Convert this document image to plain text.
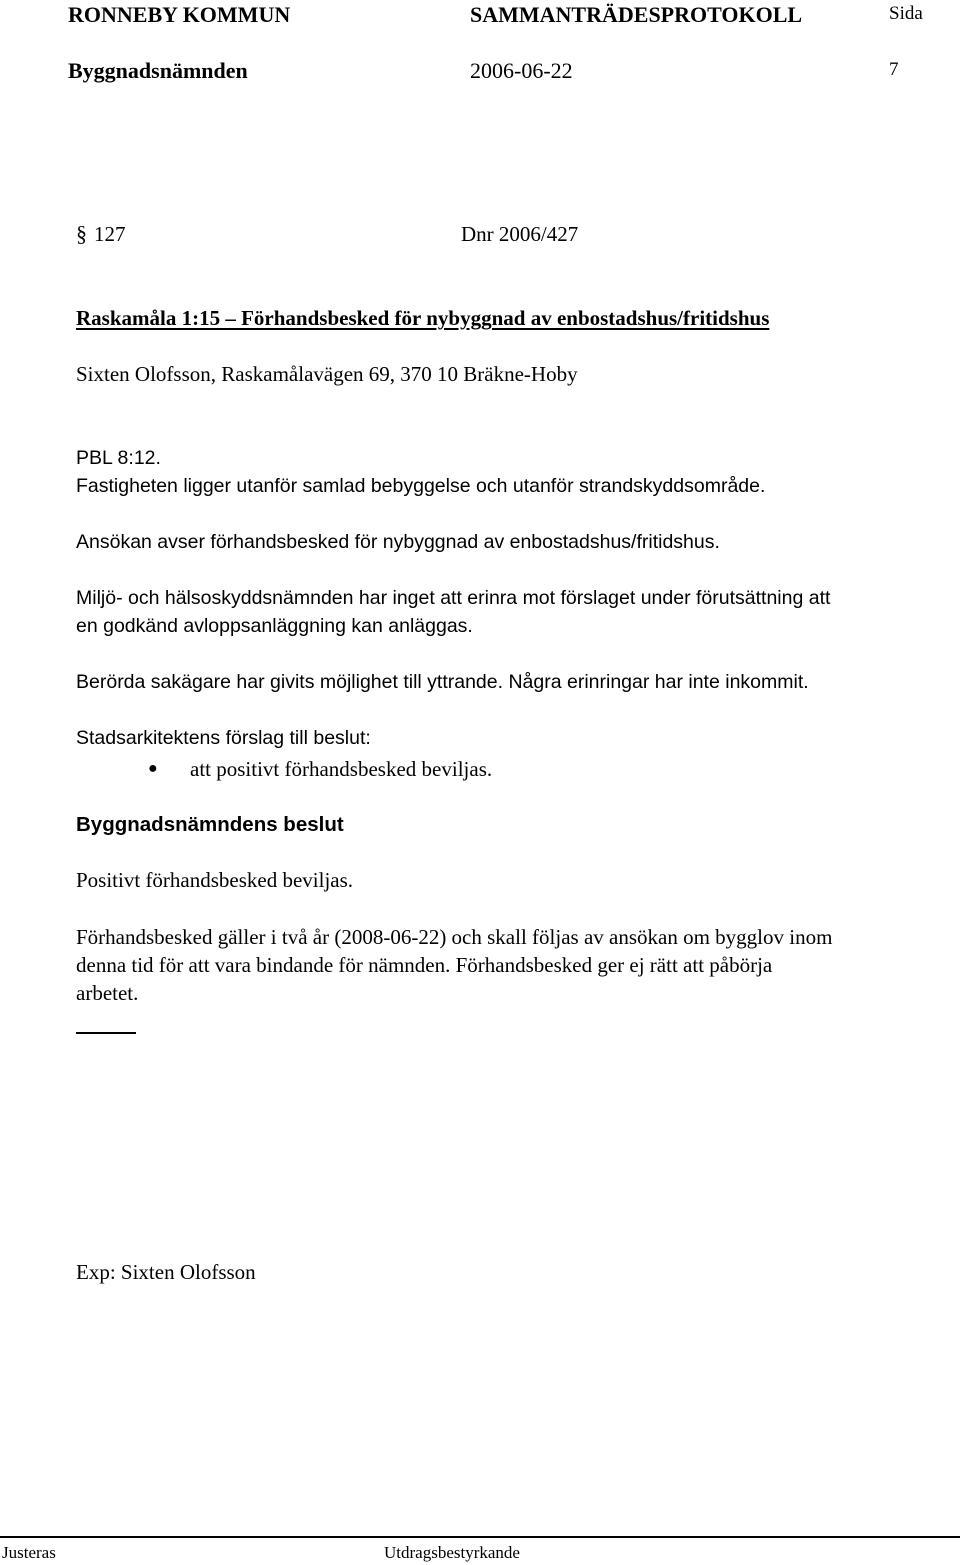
RONNEBY KOMMUN	SAMMANTRÄDESPROTOKOLL	Sida
Byggnadsnämnden	2006-06-22	7
§ 127	Dnr 2006/427
Raskamåla 1:15 – Förhandsbesked för nybyggnad av enbostadshus/fritidshus
Sixten Olofsson, Raskamålavägen 69, 370 10 Bräkne-Hoby
PBL 8:12.
Fastigheten ligger utanför samlad bebyggelse och utanför strandskyddsområde.
Ansökan avser förhandsbesked för nybyggnad av enbostadshus/fritidshus.
Miljö- och hälsoskyddsnämnden har inget att erinra mot förslaget under förutsättning att
en godkänd avloppsanläggning kan anläggas.
Berörda sakägare har givits möjlighet till yttrande. Några erinringar har inte inkommit.
Stadsarkitektens förslag till beslut:
● att positivt förhandsbesked beviljas.
Byggnadsnämndens beslut
Positivt förhandsbesked beviljas.
Förhandsbesked gäller i två år (2008-06-22) och skall följas av ansökan om bygglov inom
denna tid för att vara bindande för nämnden. Förhandsbesked ger ej rätt att påbörja
arbetet.
Exp: Sixten Olofsson
Justeras	Utdragsbestyrkande
